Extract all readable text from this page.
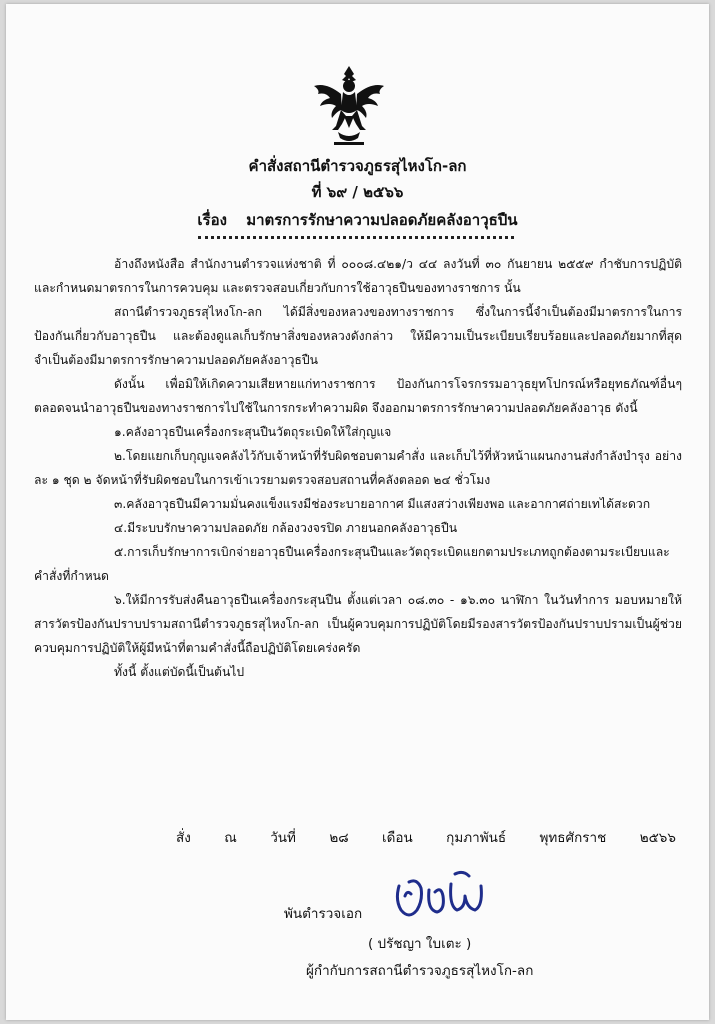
คำสั่งสถานีตำรวจภูธรสุไหงโก-ลก
ที่ ๖๙ / ๒๕๖๖
เรื่อง มาตรการรักษาความปลอดภัยคลังอาวุธปืน

อ้างถึงหนังสือ สำนักงานตำรวจแห่งชาติ ที่ ๐๐๐๘.๔๒๑/ว ๔๔ ลงวันที่ ๓๐ กันยายน ๒๕๕๙ กำชับการปฏิบัติและกำหนดมาตรการในการควบคุม และตรวจสอบเกี่ยวกับการใช้อาวุธปืนของทางราชการ นั้น

สถานีตำรวจภูธรสุไหงโก-ลก ได้มีสิ่งของหลวงของทางราชการ ซึ่งในการนี้จำเป็นต้องมีมาตรการในการป้องกันเกี่ยวกับอาวุธปืน และต้องดูแลเก็บรักษาสิ่งของหลวงดังกล่าว ให้มีความเป็นระเบียบเรียบร้อยและปลอดภัยมากที่สุด จำเป็นต้องมีมาตรการรักษาความปลอดภัยคลังอาวุธปืน

ดังนั้น เพื่อมิให้เกิดความเสียหายแก่ทางราชการ ป้องกันการโจรกรรมอาวุธยุทโปกรณ์หรือยุทธภัณฑ์อื่นๆ ตลอดจนนำอาวุธปืนของทางราชการไปใช้ในการกระทำความผิด จึงออกมาตรการรักษาความปลอดภัยคลังอาวุธ ดังนี้

๑.คลังอาวุธปืนเครื่องกระสุนปืนวัตถุระเบิดให้ใส่กุญแจ

๒.โดยแยกเก็บกุญแจคลังไว้กับเจ้าหน้าที่รับผิดชอบตามคำสั่ง และเก็บไว้ที่หัวหน้าแผนกงานส่งกำลังบำรุง อย่างละ ๑ ชุด ๒ จัดหน้าที่รับผิดชอบในการเข้าเวรยามตรวจสอบสถานที่คลังตลอด ๒๔ ชั่วโมง

๓.คลังอาวุธปืนมีความมั่นคงแข็งแรงมีช่องระบายอากาศ มีแสงสว่างเพียงพอ และอากาศถ่ายเทได้สะดวก

๔.มีระบบรักษาความปลอดภัย กล้องวงจรปิด ภายนอกคลังอาวุธปืน

๕.การเก็บรักษาการเบิกจ่ายอาวุธปืนเครื่องกระสุนปืนและวัตถุระเบิดแยกตามประเภทถูกต้องตามระเบียบและคำสั่งที่กำหนด

๖.ให้มีการรับส่งคืนอาวุธปืนเครื่องกระสุนปืน ตั้งแต่เวลา ๐๘.๓๐ - ๑๖.๓๐ นาฬิกา ในวันทำการ มอบหมายให้สารวัตรป้องกันปราบปรามสถานีตำรวจภูธรสุไหงโก-ลก เป็นผู้ควบคุมการปฏิบัติโดยมีรองสารวัตรป้องกันปราบปรามเป็นผู้ช่วยควบคุมการปฏิบัติให้ผู้มีหน้าที่ตามคำสั่งนี้ถือปฏิบัติโดยเคร่งครัด

ทั้งนี้ ตั้งแต่บัดนี้เป็นต้นไป

สั่ง ณ วันที่ ๒๘ เดือน กุมภาพันธ์ พุทธศักราช ๒๕๖๖
พันตำรวจเอก
( ปรัชญา ใบเตะ )
ผู้กำกับการสถานีตำรวจภูธรสุไหงโก-ลก
